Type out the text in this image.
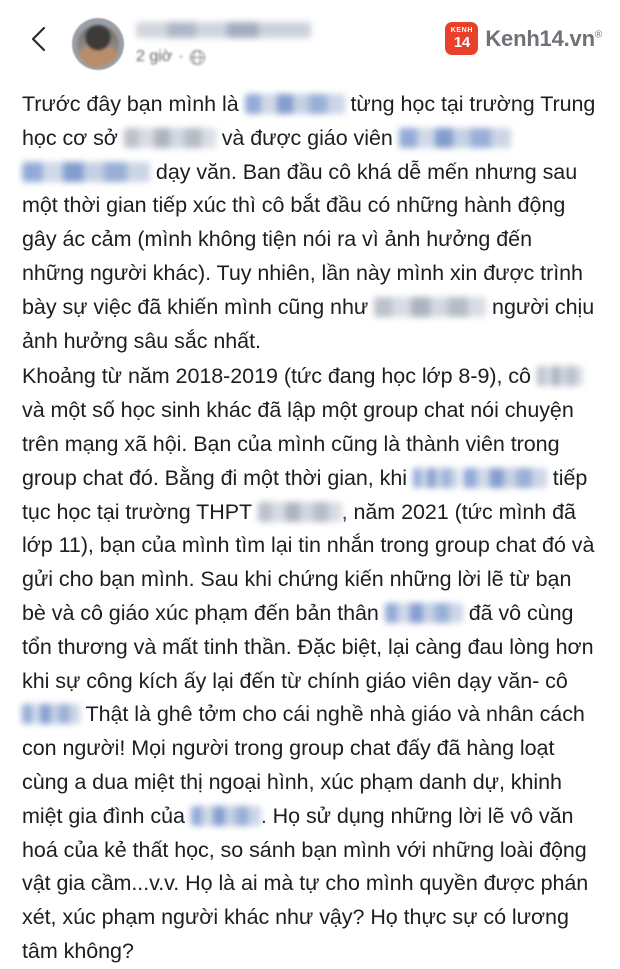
2 giờ ·
KENH
14 Kenh14.vn®

Trước đây bạn mình là	từng học tại trường Trung học cơ sở	và được giáo viên  dạy văn. Ban đầu cô khá dễ mến nhưng sau một thời gian tiếp xúc thì cô bắt đầu có những hành động gây ác cảm (mình không tiện nói ra vì ảnh hưởng đến những người khác). Tuy nhiên, lần này mình xin được trình bày sự việc đã khiến mình cũng như	người chịu ảnh hưởng sâu sắc nhất.

Khoảng từ năm 2018-2019 (tức đang học lớp 8-9), cô  và một số học sinh khác đã lập một group chat nói chuyện trên mạng xã hội. Bạn của mình cũng là thành viên trong group chat đó. Bằng đi một thời gian, khi	tiếp tục học tại trường THPT	, năm 2021 (tức mình đã lớp 11), bạn của mình tìm lại tin nhắn trong group chat đó và gửi cho bạn mình. Sau khi chứng kiến những lời lẽ từ bạn bè và cô giáo xúc phạm đến bản thân	đã vô cùng tổn thương và mất tinh thần. Đặc biệt, lại càng đau lòng hơn khi sự công kích ấy lại đến từ chính giáo viên dạy văn- cô  Thật là ghê tởm cho cái nghề nhà giáo và nhân cách con người! Mọi người trong group chat đấy đã hàng loạt cùng a dua miệt thị ngoại hình, xúc phạm danh dự, khinh miệt gia đình của	. Họ sử dụng những lời lẽ vô văn hoá của kẻ thất học, so sánh bạn mình với những loài động vật gia cầm...v.v. Họ là ai mà tự cho mình quyền được phán xét, xúc phạm người khác như vậy? Họ thực sự có lương tâm không?
